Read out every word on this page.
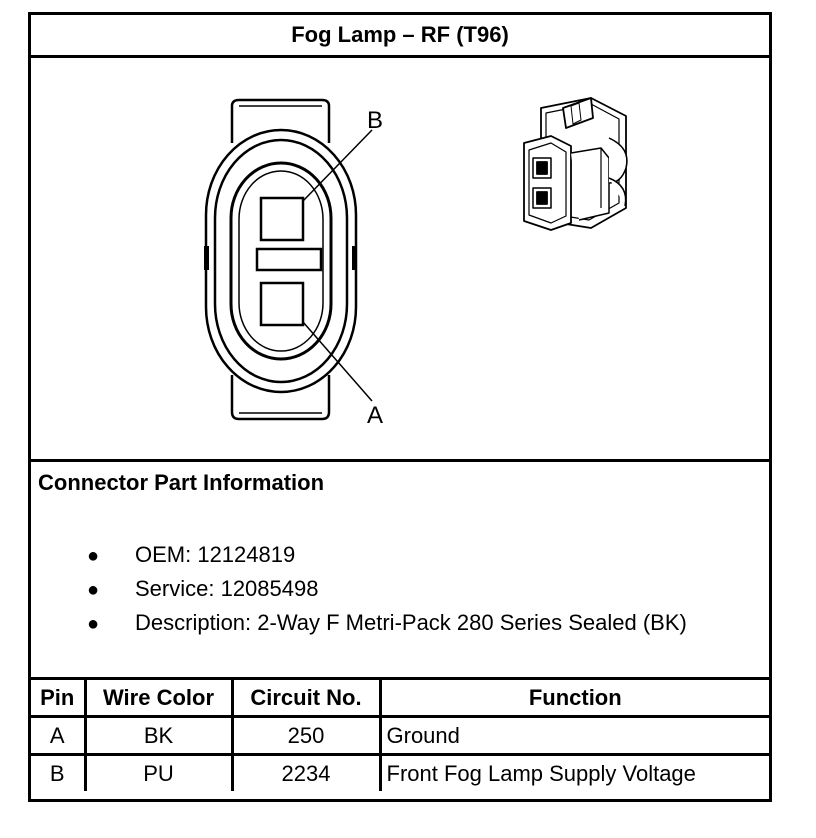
Fog Lamp – RF (T96)
B
A
Connector Part Information
● OEM: 12124819
● Service: 12085498
● Description: 2-Way F Metri-Pack 280 Series Sealed (BK)
Pin	Wire Color	Circuit No.	Function
A	BK	250	Ground
B	PU	2234	Front Fog Lamp Supply Voltage
